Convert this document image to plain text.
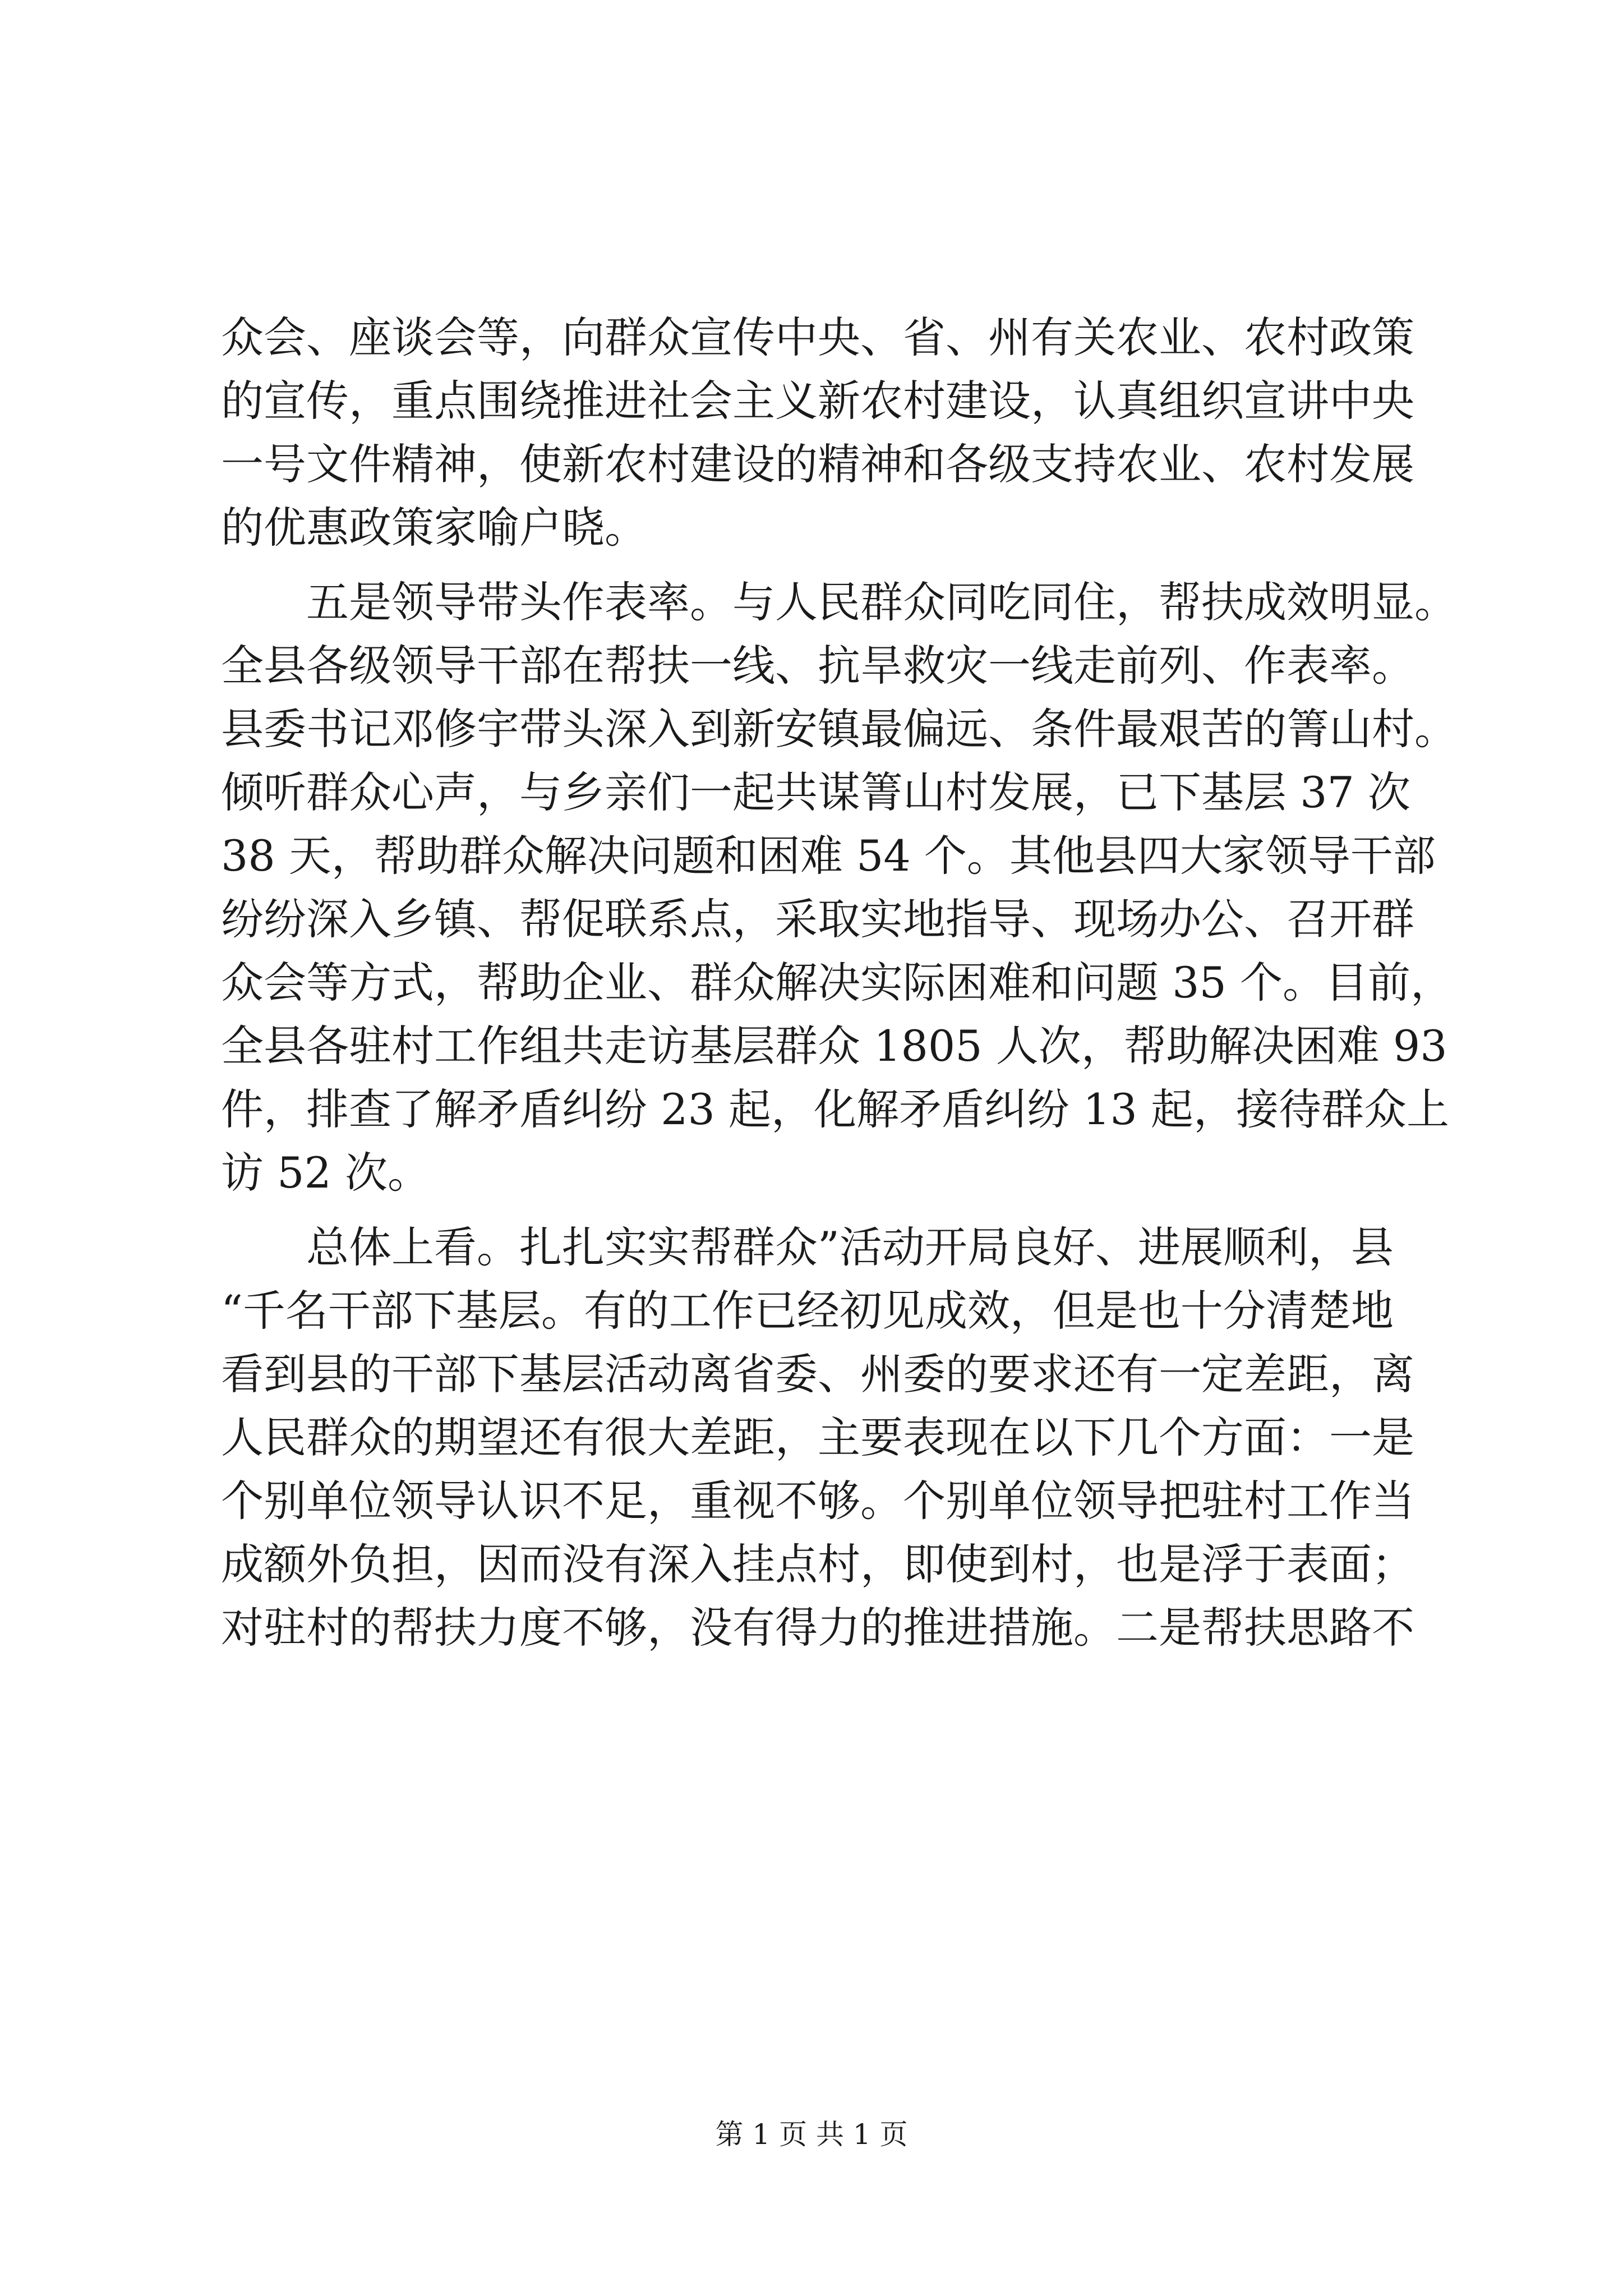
众会、座谈会等，向群众宣传中央、省、州有关农业、农村政策
的宣传，重点围绕推进社会主义新农村建设，认真组织宣讲中央
一号文件精神，使新农村建设的精神和各级支持农业、农村发展
的优惠政策家喻户晓。
　　五是领导带头作表率。与人民群众同吃同住，帮扶成效明显。
全县各级领导干部在帮扶一线、抗旱救灾一线走前列、作表率。
县委书记邓修宇带头深入到新安镇最偏远、条件最艰苦的箐山村。
倾听群众心声，与乡亲们一起共谋箐山村发展，已下基层 37 次
38 天，帮助群众解决问题和困难 54 个。其他县四大家领导干部
纷纷深入乡镇、帮促联系点，采取实地指导、现场办公、召开群
众会等方式，帮助企业、群众解决实际困难和问题 35 个。目前，
全县各驻村工作组共走访基层群众 1805 人次，帮助解决困难 93
件，排查了解矛盾纠纷 23 起，化解矛盾纠纷 13 起，接待群众上
访 52 次。
　　总体上看。扎扎实实帮群众”活动开局良好、进展顺利，县
“千名干部下基层。有的工作已经初见成效，但是也十分清楚地
看到县的干部下基层活动离省委、州委的要求还有一定差距，离
人民群众的期望还有很大差距，主要表现在以下几个方面：一是
个别单位领导认识不足，重视不够。个别单位领导把驻村工作当
成额外负担，因而没有深入挂点村，即使到村，也是浮于表面；
对驻村的帮扶力度不够，没有得力的推进措施。二是帮扶思路不
第 1 页 共 1 页
